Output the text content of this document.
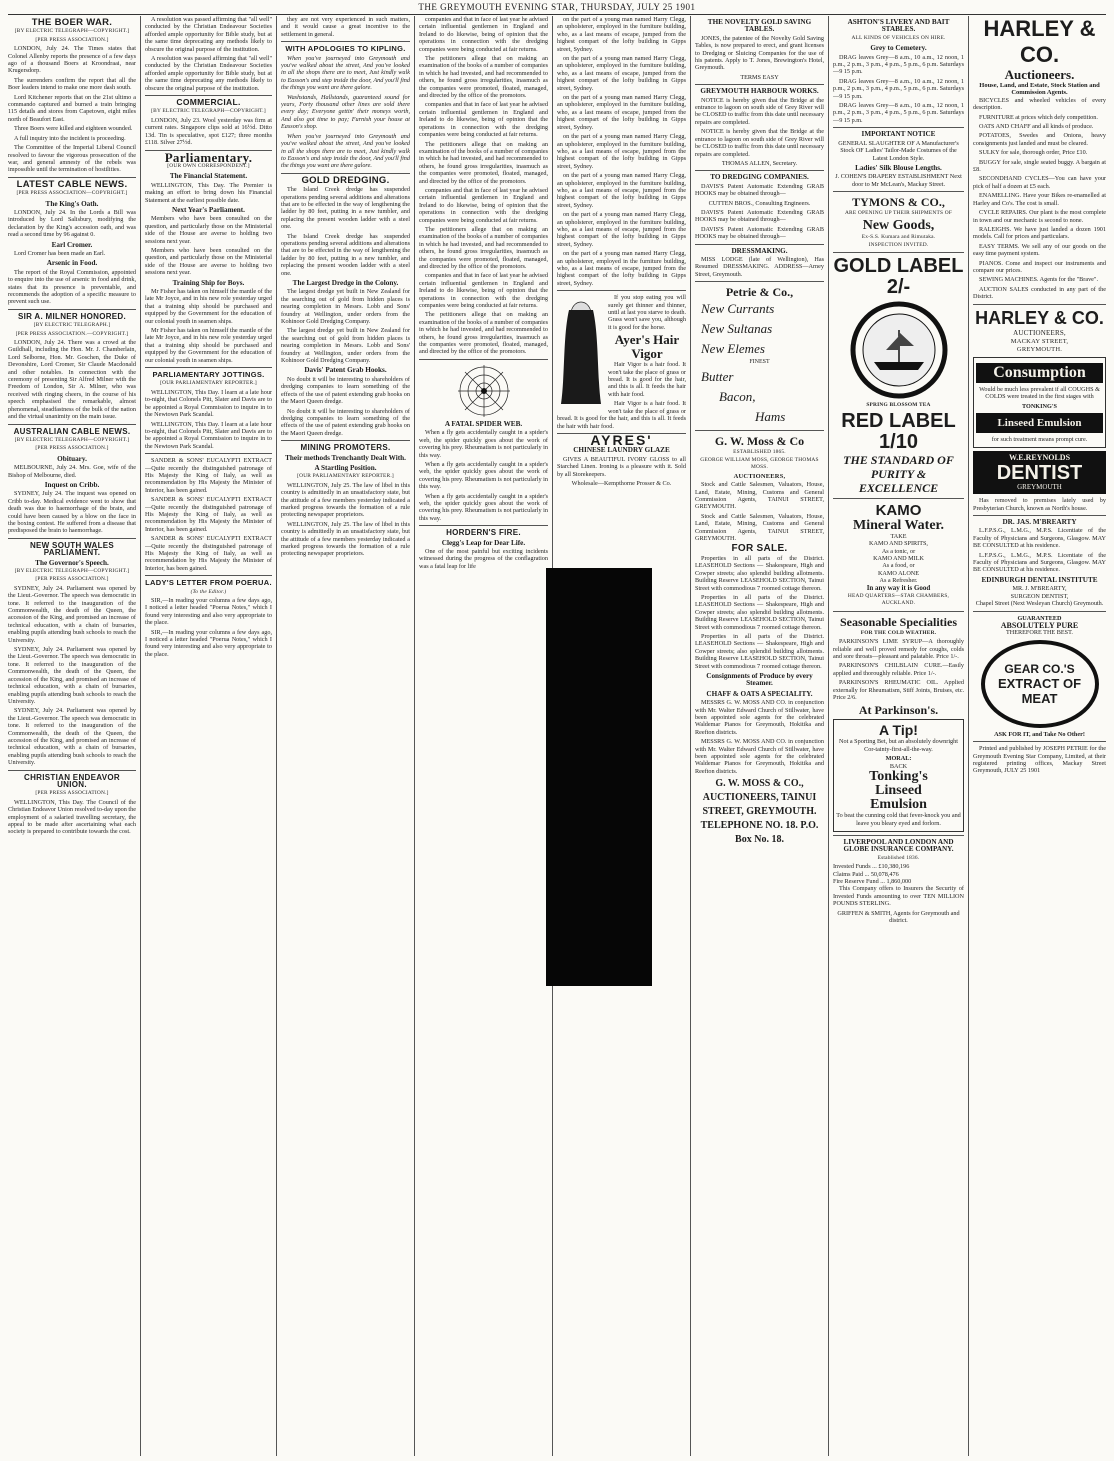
THE GREYMOUTH EVENING STAR, THURSDAY, JULY 25 1901
THE BOER WAR.
[BY ELECTRIC TELEGRAPH—COPYRIGHT.]
[PER PRESS ASSOCIATION.]

LONDON, July 24. The Times states that Colonel Allenby reports the presence of a few days ago of a thousand Boers at Kroondraai, near Krugersdorp.

The surrenders confirm the report that all the Boer leaders intend to make one more dash south.

Lord Kitchener reports that on the 21st ultimo a commando captured and burned a train bringing 115 details and stores from Capetown, eight miles north of Beaufort East.

Three Boers were killed and eighteen wounded.

A full inquiry into the incident is proceeding.

The Committee of the Imperial Liberal Council resolved to favour the vigorous prosecution of the war, and general amnesty of the rebels was impossible until the termination of hostilities.

LATEST CABLE NEWS.
[PER PRESS ASSOCIATION—COPYRIGHT.]
The King's Oath.

LONDON, July 24. In the Lords a Bill was introduced by Lord Salisbury, modifying the declaration by the King's accession oath, and was read a second time by 96 against 0.

Earl Cromer.

Lord Cromer has been made an Earl.

Arsenic in Food.

The report of the Royal Commission, appointed to enquire into the use of arsenic in food and drink, states that its presence is preventable, and recommends the adoption of a specific measure to prevent such use.

SIR A. MILNER HONORED.
[BY ELECTRIC TELEGRAPH.]
[PER PRESS ASSOCIATION.—COPYRIGHT.]

LONDON, July 24. There was a crowd at the Guildhall, including the Hon. Mr. J. Chamberlain, Lord Selborne, Hon. Mr. Goschen, the Duke of Devonshire, Lord Cromer, Sir Claude Macdonald and other notables. In connection with the ceremony of presenting Sir Alfred Milner with the Freedom of London, Sir A. Milner, who was received with ringing cheers, in the course of his speech emphasised the remarkable, almost phenomenal, steadfastness of the bulk of the nation and the virtual unanimity on the main issue.

AUSTRALIAN CABLE NEWS.
[BY ELECTRIC TELEGRAPH—COPYRIGHT.]
[PER PRESS ASSOCIATION.]
Obituary.

MELBOURNE, July 24. Mrs. Goe, wife of the Bishop of Melbourne, died.

Inquest on Cribb.

SYDNEY, July 24. The inquest was opened on Cribb to-day. Medical evidence went to show that death was due to haemorrhage of the brain, and could have been caused by a blow on the face in the boxing contest. He suffered from a disease that predisposed the brain to haemorrhage.

NEW SOUTH WALES PARLIAMENT.
The Governor's Speech.
[BY ELECTRIC TELEGRAPH—COPYRIGHT.]
[PER PRESS ASSOCIATION.]

SYDNEY, July 24. Parliament was opened by the Lieut.-Governor. The speech was democratic in tone. It referred to the inauguration of the Commonwealth, the death of the Queen, the accession of the King, and promised an increase of technical education, with a chain of bursaries, enabling pupils attending bush schools to reach the University.

SYDNEY, July 24. Parliament was opened by the Lieut.-Governor. The speech was democratic in tone. It referred to the inauguration of the Commonwealth, the death of the Queen, the accession of the King, and promised an increase of technical education, with a chain of bursaries, enabling pupils attending bush schools to reach the University.

SYDNEY, July 24. Parliament was opened by the Lieut.-Governor. The speech was democratic in tone. It referred to the inauguration of the Commonwealth, the death of the Queen, the accession of the King, and promised an increase of technical education, with a chain of bursaries, enabling pupils attending bush schools to reach the University.

CHRISTIAN ENDEAVOR UNION.
[PER PRESS ASSOCIATION.]

WELLINGTON, This Day. The Council of the Christian Endeavor Union resolved to-day upon the employment of a salaried travelling secretary, the appeal to be made after ascertaining what each society is prepared to contribute towards the cost.

A resolution was passed affirming that "all well" conducted by the Christian Endeavour Societies afforded ample opportunity for Bible study, but at the same time deprecating any methods likely to obscure the original purpose of the institution.

A resolution was passed affirming that "all well" conducted by the Christian Endeavour Societies afforded ample opportunity for Bible study, but at the same time deprecating any methods likely to obscure the original purpose of the institution.

COMMERCIAL.
[BY ELECTRIC TELEGRAPH—COPYRIGHT.]

LONDON, July 23. Wool yesterday was firm at current rates. Singapore clips sold at 16½d. Ditto 13d. Tin is speculative, spot £127; three months £118. Silver 27½d.

Parliamentary.
[OUR OWN CORRESPONDENT.]
The Financial Statement.

WELLINGTON, This Day. The Premier is making an effort to bring down his Financial Statement at the earliest possible date.

Next Year's Parliament.

Members who have been consulted on the question, and particularly those on the Ministerial side of the House are averse to holding two sessions next year.

Members who have been consulted on the question, and particularly those on the Ministerial side of the House are averse to holding two sessions next year.

Training Ship for Boys.

Mr Fisher has taken on himself the mantle of the late Mr Joyce, and in his new role yesterday urged that a training ship should be purchased and equipped by the Government for the education of our colonial youth in seamen ships.

Mr Fisher has taken on himself the mantle of the late Mr Joyce, and in his new role yesterday urged that a training ship should be purchased and equipped by the Government for the education of our colonial youth in seamen ships.

PARLIAMENTARY JOTTINGS.
[OUR PARLIAMENTARY REPORTER.]

WELLINGTON, This Day. I learn at a late hour to-night, that Colonels Pitt, Slater and Davis are to be appointed a Royal Commission to inquire in to the Newtown Park Scandal.

WELLINGTON, This Day. I learn at a late hour to-night, that Colonels Pitt, Slater and Davis are to be appointed a Royal Commission to inquire in to the Newtown Park Scandal.

SANDER & SONS' EUCALYPTI EXTRACT—Quite recently the distinguished patronage of His Majesty the King of Italy, as well as recommendation by His Majesty the Minister of Interior, has been gained.

SANDER & SONS' EUCALYPTI EXTRACT—Quite recently the distinguished patronage of His Majesty the King of Italy, as well as recommendation by His Majesty the Minister of Interior, has been gained.

SANDER & SONS' EUCALYPTI EXTRACT—Quite recently the distinguished patronage of His Majesty the King of Italy, as well as recommendation by His Majesty the Minister of Interior, has been gained.

LADY'S LETTER FROM POERUA.
(To the Editor.)

SIR,—In reading your columns a few days ago, I noticed a letter headed "Poerua Notes," which I found very interesting and also very appropriate to the place.

SIR,—In reading your columns a few days ago, I noticed a letter headed "Poerua Notes," which I found very interesting and also very appropriate to the place.

they are not very experienced in such matters, and it would cause a great incentive to the settlement in general.

WITH APOLOGIES TO KIPLING.

When you've journeyed into Greymouth and you've walked about the street, And you've looked in all the shops there are to meet, Just kindly walk to Easson's and step inside the door, And you'll find the things you want are there galore.

Washstands, Hallstands, guaranteed sound for years, Forty thousand other lines are sold there every day; Everyone gettin' their moneys worth, And also got time to pay; Furnish your house at Easson's shop.

When you've journeyed into Greymouth and you've walked about the street, And you've looked in all the shops there are to meet, Just kindly walk to Easson's and step inside the door, And you'll find the things you want are there galore.

GOLD DREDGING.

The Island Creek dredge has suspended operations pending several additions and alterations that are to be effected in the way of lengthening the ladder by 80 feet, putting in a new tumbler, and replacing the present wooden ladder with a steel one.

The Island Creek dredge has suspended operations pending several additions and alterations that are to be effected in the way of lengthening the ladder by 80 feet, putting in a new tumbler, and replacing the present wooden ladder with a steel one.

The Largest Dredge in the Colony.

The largest dredge yet built in New Zealand for the searching out of gold from hidden places is nearing completion in Messrs. Lobb and Sons' foundry at Wellington, under orders from the Kohinoor Gold Dredging Company.

The largest dredge yet built in New Zealand for the searching out of gold from hidden places is nearing completion in Messrs. Lobb and Sons' foundry at Wellington, under orders from the Kohinoor Gold Dredging Company.

Davis' Patent Grab Hooks.

No doubt it will be interesting to shareholders of dredging companies to learn something of the effects of the use of patent extending grab hooks on the Maori Queen dredge.

No doubt it will be interesting to shareholders of dredging companies to learn something of the effects of the use of patent extending grab hooks on the Maori Queen dredge.

MINING PROMOTERS.
Their methods Trenchantly Dealt With.
A Startling Position.
[OUR PARLIAMENTARY REPORTER.]

WELLINGTON, July 25. The law of libel in this country is admittedly in an unsatisfactory state, but the attitude of a few members yesterday indicated a marked progress towards the formation of a rule protecting newspaper proprietors.

WELLINGTON, July 25. The law of libel in this country is admittedly in an unsatisfactory state, but the attitude of a few members yesterday indicated a marked progress towards the formation of a rule protecting newspaper proprietors.

companies and that in face of last year he advised certain influential gentlemen in England and Ireland to do likewise, being of opinion that the operations in connection with the dredging companies were being conducted at fair returns.

The petitioners allege that on making an examination of the books of a number of companies in which he had invested, and had recommended to others, he found gross irregularities, inasmuch as the companies were promoted, floated, managed, and directed by the office of the promotors.

companies and that in face of last year he advised certain influential gentlemen in England and Ireland to do likewise, being of opinion that the operations in connection with the dredging companies were being conducted at fair returns.

The petitioners allege that on making an examination of the books of a number of companies in which he had invested, and had recommended to others, he found gross irregularities, inasmuch as the companies were promoted, floated, managed, and directed by the office of the promotors.

companies and that in face of last year he advised certain influential gentlemen in England and Ireland to do likewise, being of opinion that the operations in connection with the dredging companies were being conducted at fair returns.

The petitioners allege that on making an examination of the books of a number of companies in which he had invested, and had recommended to others, he found gross irregularities, inasmuch as the companies were promoted, floated, managed, and directed by the office of the promotors.

companies and that in face of last year he advised certain influential gentlemen in England and Ireland to do likewise, being of opinion that the operations in connection with the dredging companies were being conducted at fair returns.

The petitioners allege that on making an examination of the books of a number of companies in which he had invested, and had recommended to others, he found gross irregularities, inasmuch as the companies were promoted, floated, managed, and directed by the office of the promotors.

A FATAL SPIDER WEB.

When a fly gets accidentally caught in a spider's web, the spider quickly goes about the work of covering his prey. Rheumatism is not particularly in this way.

When a fly gets accidentally caught in a spider's web, the spider quickly goes about the work of covering his prey. Rheumatism is not particularly in this way.

When a fly gets accidentally caught in a spider's web, the spider quickly goes about the work of covering his prey. Rheumatism is not particularly in this way.

HORDERN'S FIRE.
Clegg's Leap for Dear Life.

One of the most painful but exciting incidents witnessed during the progress of the conflagration was a fatal leap for life

on the part of a young man named Harry Clegg, an upholsterer, employed in the furniture building, who, as a last means of escape, jumped from the highest compart of the lofty building in Gipps street, Sydney.

on the part of a young man named Harry Clegg, an upholsterer, employed in the furniture building, who, as a last means of escape, jumped from the highest compart of the lofty building in Gipps street, Sydney.

on the part of a young man named Harry Clegg, an upholsterer, employed in the furniture building, who, as a last means of escape, jumped from the highest compart of the lofty building in Gipps street, Sydney.

on the part of a young man named Harry Clegg, an upholsterer, employed in the furniture building, who, as a last means of escape, jumped from the highest compart of the lofty building in Gipps street, Sydney.

on the part of a young man named Harry Clegg, an upholsterer, employed in the furniture building, who, as a last means of escape, jumped from the highest compart of the lofty building in Gipps street, Sydney.

on the part of a young man named Harry Clegg, an upholsterer, employed in the furniture building, who, as a last means of escape, jumped from the highest compart of the lofty building in Gipps street, Sydney.

on the part of a young man named Harry Clegg, an upholsterer, employed in the furniture building, who, as a last means of escape, jumped from the highest compart of the lofty building in Gipps street, Sydney.

If you stop eating you will surely get thinner and thinner, until at last you starve to death. Grass won't save you, although it is good for the horse.

Ayer's Hair Vigor

Hair Vigor is a hair food. It won't take the place of grass or bread. It is good for the hair, and this is all. It feeds the hair with hair food.

Hair Vigor is a hair food. It won't take the place of grass or bread. It is good for the hair, and this is all. It feeds the hair with hair food.

AYRES'
CHINESE LAUNDRY GLAZE

GIVES A BEAUTIFUL IVORY GLOSS to all Starched Linen. Ironing is a pleasure with it. Sold by all Storekeepers.

Wholesale—Kempthorne Prosser & Co.

THE NOVELTY GOLD SAVING TABLES.

JONES, the patentee of the Novelty Gold Saving Tables, is now prepared to erect, and grant licenses to Dredging or Sluicing Companies for the use of his patents. Apply to T. Jones, Brewington's Hotel, Greymouth.

TERMS EASY

GREYMOUTH HARBOUR WORKS.

NOTICE is hereby given that the Bridge at the entrance to lagoon on south side of Grey River will be CLOSED to traffic from this date until necessary repairs are completed.

NOTICE is hereby given that the Bridge at the entrance to lagoon on south side of Grey River will be CLOSED to traffic from this date until necessary repairs are completed.

THOMAS ALLEN, Secretary.

TO DREDGING COMPANIES.

DAVIS'S Patent Automatic Extending GRAB HOOKS may be obtained through—

CUTTEN BROS., Consulting Engineers.

DAVIS'S Patent Automatic Extending GRAB HOOKS may be obtained through—

DAVIS'S Patent Automatic Extending GRAB HOOKS may be obtained through—

DRESSMAKING.

MISS LODGE (late of Wellington), Has Resumed DRESSMAKING. ADDRESS—Arney Street, Greymouth.

Petrie & Co.,
New Currants
New Sultanas
New Elemes
FINEST
Butter
Bacon,
Hams
G. W. Moss & Co
ESTABLISHED 1865.
GEORGE WILLIAM MOSS, GEORGE THOMAS MOSS.
AUCTIONEERS,

Stock and Cattle Salesmen, Valuators, House, Land, Estate, Mining, Customs and General Commission Agents, TAINUI STREET, GREYMOUTH.

Stock and Cattle Salesmen, Valuators, House, Land, Estate, Mining, Customs and General Commission Agents, TAINUI STREET, GREYMOUTH.

FOR SALE.

Properties in all parts of the District. LEASEHOLD Sections — Shakespeare, High and Cowper streets; also splendid building allotments. Building Reserve LEASEHOLD SECTION, Tainui Street with commodious 7 roomed cottage thereon.

Properties in all parts of the District. LEASEHOLD Sections — Shakespeare, High and Cowper streets; also splendid building allotments. Building Reserve LEASEHOLD SECTION, Tainui Street with commodious 7 roomed cottage thereon.

Properties in all parts of the District. LEASEHOLD Sections — Shakespeare, High and Cowper streets; also splendid building allotments. Building Reserve LEASEHOLD SECTION, Tainui Street with commodious 7 roomed cottage thereon.

Consignments of Produce by every Steamer.
CHAFF & OATS A SPECIALITY.

MESSRS G. W. MOSS AND CO. in conjunction with Mr. Walter Edward Church of Stillwater, have been appointed sole agents for the celebrated Waldemar Pianos for Greymouth, Hokitika and Reefton districts.

MESSRS G. W. MOSS AND CO. in conjunction with Mr. Walter Edward Church of Stillwater, have been appointed sole agents for the celebrated Waldemar Pianos for Greymouth, Hokitika and Reefton districts.

G. W. MOSS & CO., AUCTIONEERS, TAINUI STREET, GREYMOUTH. TELEPHONE NO. 18. P.O. Box No. 18.
ASHTON'S LIVERY AND BAIT STABLES.
ALL KINDS OF VEHICLES ON HIRE.
Grey to Cemetery.

DRAG leaves Grey—8 a.m., 10 a.m., 12 noon, 1 p.m., 2 p.m., 3 p.m., 4 p.m., 5 p.m., 6 p.m. Saturdays—9 15 p.m.

DRAG leaves Grey—8 a.m., 10 a.m., 12 noon, 1 p.m., 2 p.m., 3 p.m., 4 p.m., 5 p.m., 6 p.m. Saturdays—9 15 p.m.

DRAG leaves Grey—8 a.m., 10 a.m., 12 noon, 1 p.m., 2 p.m., 3 p.m., 4 p.m., 5 p.m., 6 p.m. Saturdays—9 15 p.m.

IMPORTANT NOTICE

GENERAL SLAUGHTER OF A Manufacturer's Stock OF Ladies' Tailor-Made Costumes of the Latest London Style.

Ladies' Silk Blouse Lengths.

J. COHEN'S DRAPERY ESTABLISHMENT Next door to Mr McLean's, Mackay Street.

TYMONS & CO.,
ARE OPENING UP THEIR SHIPMENTS OF
New Goods,
Ex-S.S. Kumara and Rimutaka.
INSPECTION INVITED.
GOLD LABEL 2/-
SPRING BLOSSOM TEA
RED LABEL 1/10
THE STANDARD OF
PURITY & EXCELLENCE
KAMO
Mineral Water.
TAKE
KAMO AND SPIRITS,
As a tonic, or
KAMO AND MILK
As a food, or
KAMO ALONE
As a Refresher.
In any way it is Good
HEAD QUARTERS—STAR CHAMBERS, AUCKLAND.
Seasonable Specialities
FOR THE COLD WEATHER.

PARKINSON'S LIME SYRUP—A thoroughly reliable and well proved remedy for coughs, colds and sore throats—pleasant and palatable. Price 1/-.

PARKINSON'S CHILBLAIN CURE.—Easily applied and thoroughly reliable. Price 1/-.

PARKINSON'S RHEUMATIC OIL. Applied externally for Rheumatism, Stiff Joints, Bruises, etc. Price 2/6.

At Parkinson's.
A Tip!

Not a Sporting Bet, but an absolutely downright Cor-tainty-first-all-the-way.

MORAL:
BACK
Tonking's
Linseed
Emulsion

To beat the cunning cold that fever-knock you and leave you bleary eyed and forlorn.

LIVERPOOL AND LONDON AND GLOBE INSURANCE COMPANY.
Established 1836.
Invested Funds ... £10,380,196
Claims Paid ... 50,078,476
Fire Reserve Fund ... 1,860,000

This Company offers to Insurers the Security of Invested Funds amounting to over TEN MILLION POUNDS STERLING.

GRIFFEN & SMITH, Agents for Greymouth and district.

HARLEY & CO.
Auctioneers.
House, Land, and Estate, Stock Station and Commission Agents.

BICYCLES and wheeled vehicles of every description.

FURNITURE at prices which defy competition.

OATS AND CHAFF and all kinds of produce.

POTATOES, Swedes and Onions, heavy consignments just landed and must be cleared.

SULKY for sale, thorough order, Price £10.

BUGGY for sale, single seated buggy. A bargain at £8.

SECONDHAND CYCLES—You can have your pick of half a dozen at £5 each.

ENAMELLING. Have your Bikes re-enamelled at Harley and Co's. The cost is small.

CYCLE REPAIRS. Our plant is the most complete in town and our mechanic is second to none.

RALEIGHS. We have just landed a dozen 1901 models. Call for prices and particulars.

EASY TERMS. We sell any of our goods on the easy time payment system.

PIANOS. Come and inspect our instruments and compare our prices.

SEWING MACHINES. Agents for the "Brave".

AUCTION SALES conducted in any part of the District.

HARLEY & CO.
AUCTIONEERS,
MACKAY STREET,
GREYMOUTH.
Consumption

Would be much less prevalent if all COUGHS & COLDS were treated in the first stages with

TONKING'S
Linseed Emulsion

for such treatment means prompt cure.

W.E.REYNOLDS
DENTIST
GREYMOUTH

Has removed to premises lately used by Presbyterian Church, known as North's house.

DR. JAS. M'BREARTY

L.F.P.S.G., L.M.G., M.P.S. Licentiate of the Faculty of Physicians and Surgeons, Glasgow. MAY BE CONSULTED at his residence.

L.F.P.S.G., L.M.G., M.P.S. Licentiate of the Faculty of Physicians and Surgeons, Glasgow. MAY BE CONSULTED at his residence.

EDINBURGH DENTAL INSTITUTE
MR. J. M'BREARTY,
SURGEON DENTIST,
Chapel Street (Next Wesleyan Church) Greymouth.
GUARANTEED
ABSOLUTELY PURE
THEREFORE THE BEST.
GEAR CO.'S
EXTRACT OF MEAT
ASK FOR IT, and Take No Other!

Printed and published by JOSEPH PETRIE for the Greymouth Evening Star Company, Limited, at their registered printing offices, Mackay Street Greymouth, JULY 25 1901
